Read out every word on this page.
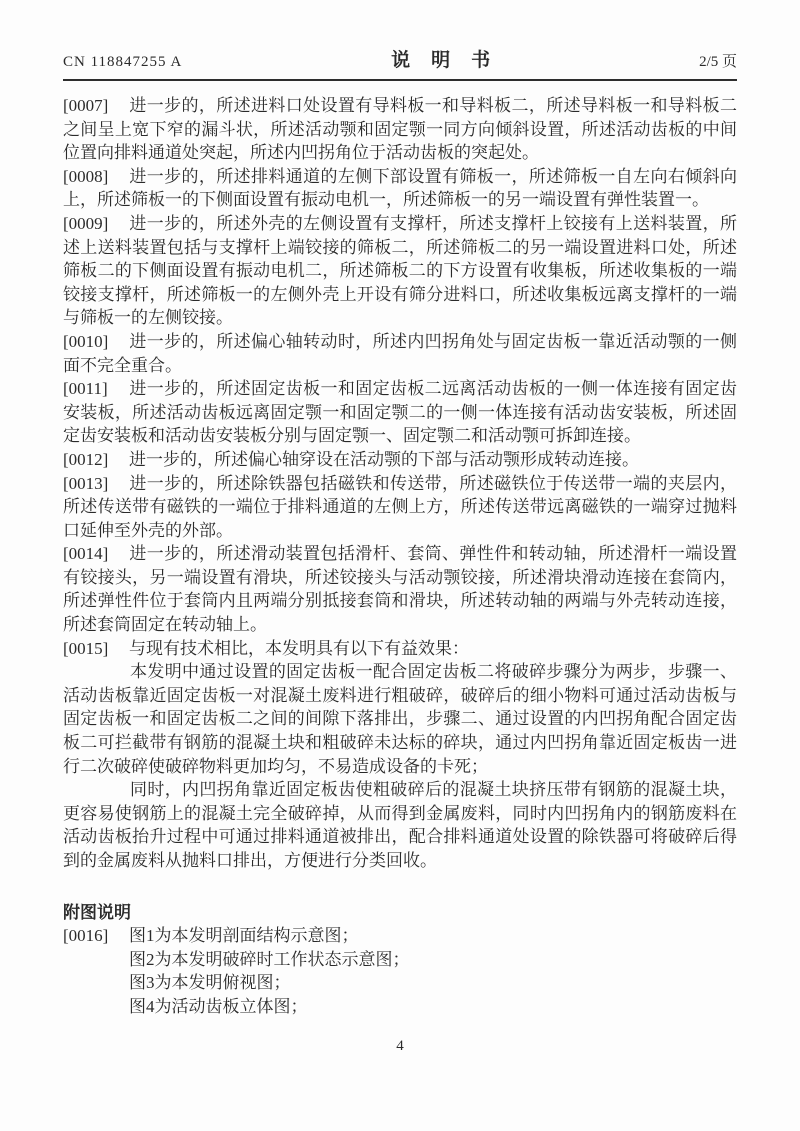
CN 118847255 A	说明书	2/5 页

[0007] 进一步的，所述进料口处设置有导料板一和导料板二，所述导料板一和导料板二之间呈上宽下窄的漏斗状，所述活动颚和固定颚一同方向倾斜设置，所述活动齿板的中间位置向排料通道处突起，所述内凹拐角位于活动齿板的突起处。

[0008] 进一步的，所述排料通道的左侧下部设置有筛板一，所述筛板一自左向右倾斜向上，所述筛板一的下侧面设置有振动电机一，所述筛板一的另一端设置有弹性装置一。

[0009] 进一步的，所述外壳的左侧设置有支撑杆，所述支撑杆上铰接有上送料装置，所述上送料装置包括与支撑杆上端铰接的筛板二，所述筛板二的另一端设置进料口处，所述筛板二的下侧面设置有振动电机二，所述筛板二的下方设置有收集板，所述收集板的一端铰接支撑杆，所述筛板一的左侧外壳上开设有筛分进料口，所述收集板远离支撑杆的一端与筛板一的左侧铰接。

[0010] 进一步的，所述偏心轴转动时，所述内凹拐角处与固定齿板一靠近活动颚的一侧面不完全重合。

[0011] 进一步的，所述固定齿板一和固定齿板二远离活动齿板的一侧一体连接有固定齿安装板，所述活动齿板远离固定颚一和固定颚二的一侧一体连接有活动齿安装板，所述固定齿安装板和活动齿安装板分别与固定颚一、固定颚二和活动颚可拆卸连接。

[0012] 进一步的，所述偏心轴穿设在活动颚的下部与活动颚形成转动连接。

[0013] 进一步的，所述除铁器包括磁铁和传送带，所述磁铁位于传送带一端的夹层内，所述传送带有磁铁的一端位于排料通道的左侧上方，所述传送带远离磁铁的一端穿过抛料口延伸至外壳的外部。

[0014] 进一步的，所述滑动装置包括滑杆、套筒、弹性件和转动轴，所述滑杆一端设置有铰接头，另一端设置有滑块，所述铰接头与活动颚铰接，所述滑块滑动连接在套筒内，所述弹性件位于套筒内且两端分别抵接套筒和滑块，所述转动轴的两端与外壳转动连接，所述套筒固定在转动轴上。

[0015] 与现有技术相比，本发明具有以下有益效果：

本发明中通过设置的固定齿板一配合固定齿板二将破碎步骤分为两步，步骤一、活动齿板靠近固定齿板一对混凝土废料进行粗破碎，破碎后的细小物料可通过活动齿板与固定齿板一和固定齿板二之间的间隙下落排出，步骤二、通过设置的内凹拐角配合固定齿板二可拦截带有钢筋的混凝土块和粗破碎未达标的碎块，通过内凹拐角靠近固定板齿一进行二次破碎使破碎物料更加均匀，不易造成设备的卡死；

同时，内凹拐角靠近固定板齿使粗破碎后的混凝土块挤压带有钢筋的混凝土块，更容易使钢筋上的混凝土完全破碎掉，从而得到金属废料，同时内凹拐角内的钢筋废料在活动齿板抬升过程中可通过排料通道被排出，配合排料通道处设置的除铁器可将破碎后得到的金属废料从抛料口排出，方便进行分类回收。

附图说明

[0016] 图1为本发明剖面结构示意图；

图2为本发明破碎时工作状态示意图；

图3为本发明俯视图；

图4为活动齿板立体图；

4
